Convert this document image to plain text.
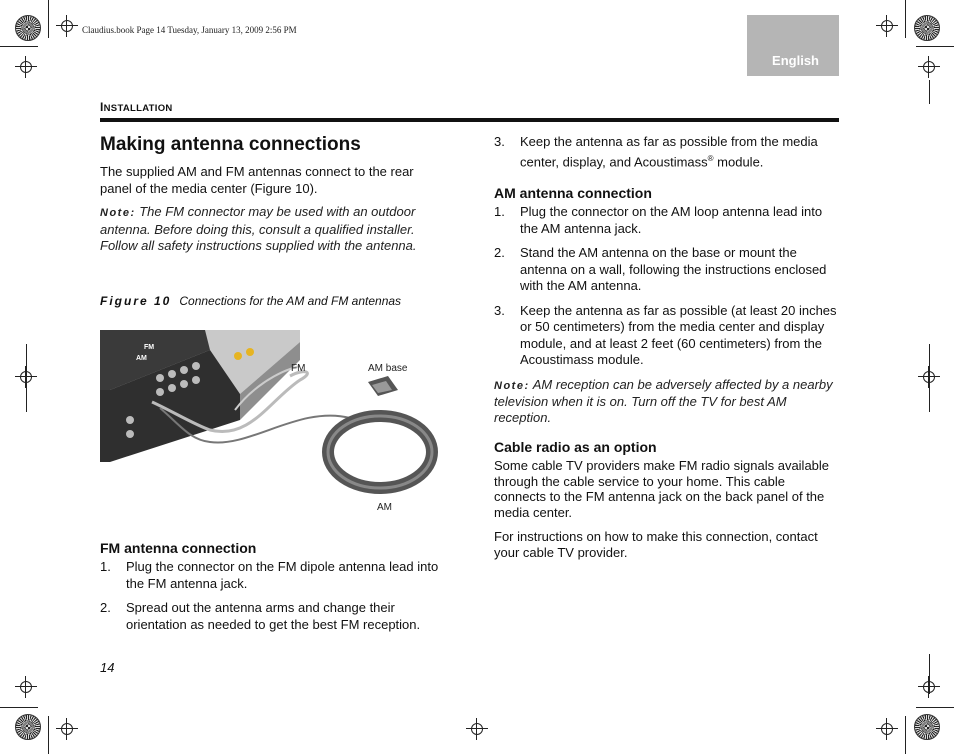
Claudius.book Page 14 Tuesday, January 13, 2009 2:56 PM
English
INSTALLATION
Making antenna connections

The supplied AM and FM antennas connect to the rear panel of the media center (Figure 10).

Note: The FM connector may be used with an outdoor antenna. Before doing this, consult a qualified installer. Follow all safety instructions supplied with the antenna.

Figure 10 Connections for the AM and FM antennas
FM
AM
FM	AM base
AM
FM antenna connection
1. Plug the connector on the FM dipole antenna lead into the FM antenna jack.
2. Spread out the antenna arms and change their orientation as needed to get the best FM reception.
14
3. Keep the antenna as far as possible from the media center, display, and Acoustimass® module.
AM antenna connection
1. Plug the connector on the AM loop antenna lead into the AM antenna jack.
2. Stand the AM antenna on the base or mount the antenna on a wall, following the instructions enclosed with the AM antenna.
3. Keep the antenna as far as possible (at least 20 inches or 50 centimeters) from the media center and display module, and at least 2 feet (60 centimeters) from the Acoustimass module.

Note: AM reception can be adversely affected by a nearby television when it is on. Turn off the TV for best AM reception.

Cable radio as an option

Some cable TV providers make FM radio signals available through the cable service to your home. This cable connects to the FM antenna jack on the back panel of the media center.

For instructions on how to make this connection, contact your cable TV provider.
